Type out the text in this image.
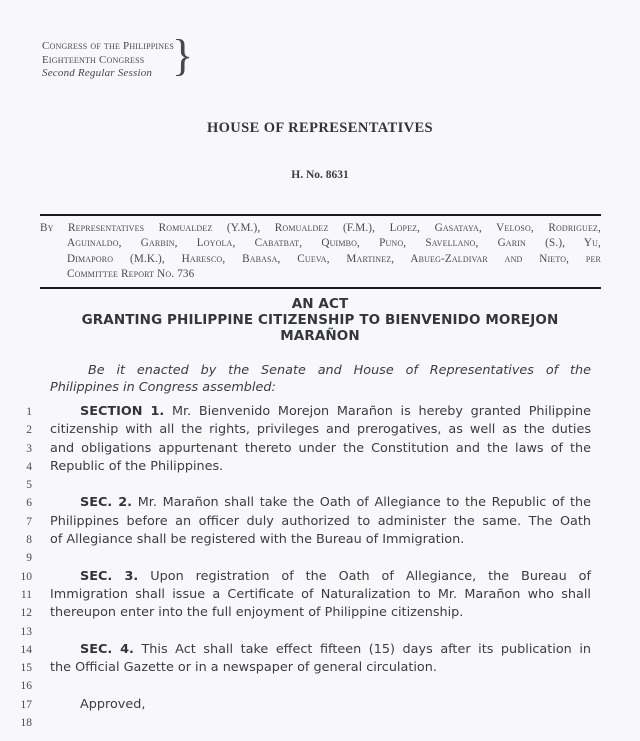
Congress of the Philippines
Eighteenth Congress
Second Regular Session }
HOUSE OF REPRESENTATIVES
H. No. 8631
By Representatives Romualdez (Y.M.), Romualdez (F.M.), Lopez, Gasataya, Veloso, Rodriguez,
Aguinaldo, Garbin, Loyola, Cabatbat, Quimbo, Puno, Savellano, Garin (S.), Yu,
Dimaporo (M.K.), Haresco, Babasa, Cueva, Martinez, Abueg-Zaldivar and Nieto, per
Committee Report No. 736
AN ACT
GRANTING PHILIPPINE CITIZENSHIP TO BIENVENIDO MOREJON
MARAÑON
Be it enacted by the Senate and House of Representatives of the
Philippines in Congress assembled:
1	SECTION 1. Mr. Bienvenido Morejon Marañon is hereby granted Philippine
2 citizenship with all the rights, privileges and prerogatives, as well as the duties
3 and obligations appurtenant thereto under the Constitution and the laws of the
4 Republic of the Philippines.
5
6	SEC. 2. Mr. Marañon shall take the Oath of Allegiance to the Republic of the
7 Philippines before an officer duly authorized to administer the same. The Oath
8 of Allegiance shall be registered with the Bureau of Immigration.
9
10	SEC. 3. Upon registration of the Oath of Allegiance, the Bureau of
11 Immigration shall issue a Certificate of Naturalization to Mr. Marañon who shall
12 thereupon enter into the full enjoyment of Philippine citizenship.
13
14	SEC. 4. This Act shall take effect fifteen (15) days after its publication in
15 the Official Gazette or in a newspaper of general circulation.
16
17	Approved,
18
